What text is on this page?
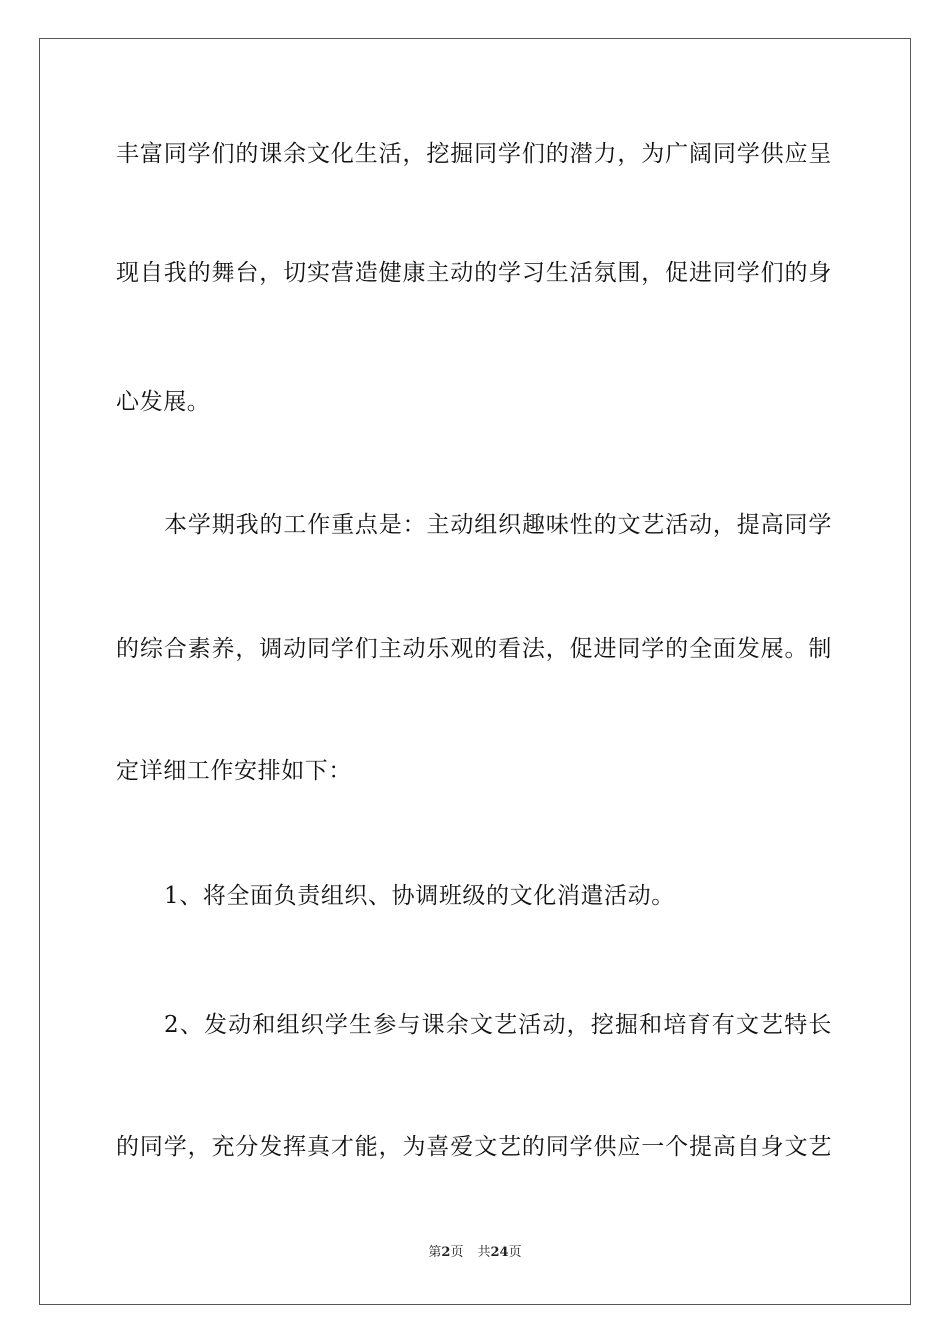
丰富同学们的课余文化生活，挖掘同学们的潜力，为广阔同学供应呈
现自我的舞台，切实营造健康主动的学习生活氛围，促进同学们的身
心发展。
本学期我的工作重点是：主动组织趣味性的文艺活动，提高同学
的综合素养，调动同学们主动乐观的看法，促进同学的全面发展。制
定详细工作安排如下：
1、将全面负责组织、协调班级的文化消遣活动。
2、发动和组织学生参与课余文艺活动，挖掘和培育有文艺特长
的同学，充分发挥真才能，为喜爱文艺的同学供应一个提高自身文艺
第2页 共24页
